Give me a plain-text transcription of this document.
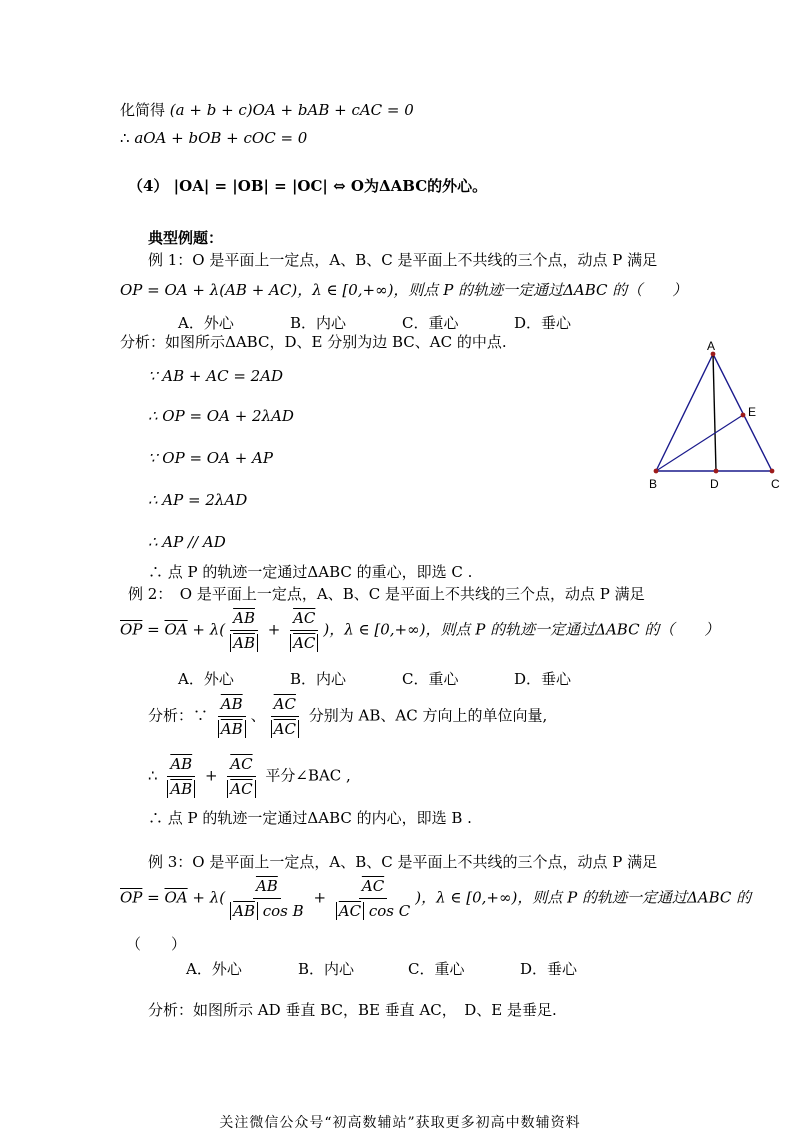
化简得 (a + b + c)OA + bAB + cAC = 0
∴ aOA + bOB + cOC = 0
（4） |OA| = |OB| = |OC| ⇔ O为ΔABC的外心。
典型例题：
例 1：O 是平面上一定点，A、B、C 是平面上不共线的三个点，动点 P 满足
OP = OA + λ(AB + AC)，λ ∈ [0,+∞)，则点 P 的轨迹一定通过ΔABC 的（　　）
A．外心	B．内心	C．重心	D．垂心
分析：如图所示ΔABC，D、E 分别为边 BC、AC 的中点.
∵ AB + AC = 2AD
∴ OP = OA + 2λAD
∵ OP = OA + AP
∴ AP = 2λAD
∴ AP // AD
∴ 点 P 的轨迹一定通过ΔABC 的重心，即选 C .
A
B	C
D
E
例 2：　O 是平面上一定点，A、B、C 是平面上不共线的三个点，动点 P 满足
$\overline{OP} = \overline{OA} + \lambda( \frac{\overline{AB}}{AB} + \frac{\overline{AC}}{AC}$ )，λ ∈ [0,+∞)，则点 P 的轨迹一定通过ΔABC 的（　　）
A．外心	B．内心	C．重心	D．垂心
分析：∵ $\frac{\overline{AB}}{AB}$ 、 $\frac{\overline{AC}}{AC}$ 分别为 AB、AC 方向上的单位向量,
∴ $\frac{\overline{AB}}{AB} + \frac{\overline{AC}}{AC}$ 平分∠BAC ,
∴ 点 P 的轨迹一定通过ΔABC 的内心，即选 B .
例 3：O 是平面上一定点，A、B、C 是平面上不共线的三个点，动点 P 满足
$\overline{OP} = \overline{OA} + \lambda( \frac{\overline{AB}}{\overline{AB} \cos B} + \frac{\overline{AC}}{\overline{AC} \cos C}$ )，λ ∈ [0,+∞)，则点 P 的轨迹一定通过ΔABC 的
（　　）
A．外心	B．内心	C．重心	D．垂心
分析：如图所示 AD 垂直 BC，BE 垂直 AC，　D、E 是垂足.
关注微信公众号“初高数辅站”获取更多初高中数辅资料
